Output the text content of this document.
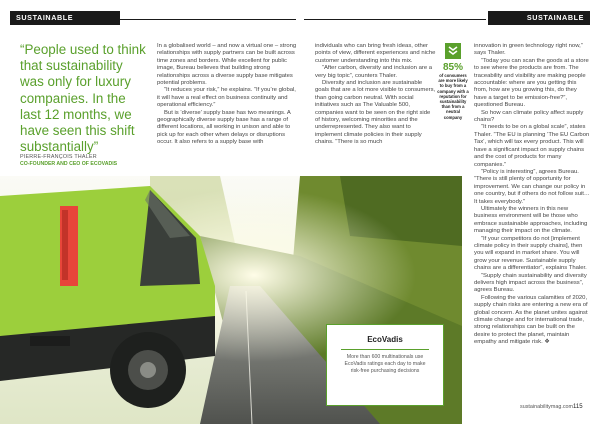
SUSTAINABLE SOURCING
SUSTAINABLE SOURCING
“People used to think that sustainability was only for luxury companies. In the last 12 months, we have seen this shift substantially”
PIERRE-FRANÇOIS THALER
CO-FOUNDER AND CEO OF ECOVADIS

In a globalised world – and now a virtual one – strong relationships with supply partners can be built across time zones and borders. While excellent for public image, Bureau believes that building strong relationships across a diverse supply base mitigates potential problems.

“It reduces your risk,” he explains. “If you’re global, it will have a real effect on business continuity and operational efficiency.”

But is ‘diverse’ supply base has two meanings. A geographically diverse supply base has a range of different locations, all working in unison and able to pick up for each other when delays or disruptions occur. It also refers to a supply base with

individuals who can bring fresh ideas, other points of view, different experiences and niche customer understanding into this mix.

“After carbon, diversity and inclusion are a very big topic”, counters Thaler.

Diversity and inclusion are sustainable goals that are a lot more visible to consumers, than going carbon neutral. With social initiatives such as The Valuable 500, companies want to be seen on the right side of history, welcoming minorities and the underrepresented. They also want to implement climate policies in their supply chains. “There is so much

85%
of consumers are more likely to buy from a company with a reputation for sustainability than from a neutral company

innovation in green technology right now,” says Thaler.

“Today you can scan the goods at a store to see where the products are from. The traceability and visibility are making people accountable: where are you getting this from, how are you growing this, do they have a target to be emission-free?”, questioned Bureau.

So how can climate policy affect supply chains?

“It needs to be on a global scale”, states Thaler. “The EU is planning ‘The EU Carbon Tax’, which will tax every product. This will have a significant impact on supply chains and the cost of products for many companies.”

“Policy is interesting”, agrees Bureau. “There is still plenty of opportunity for improvement. We can change our policy in one country, but if others do not follow suit… It takes everybody.”

Ultimately the winners in this new business environment will be those who embrace sustainable approaches, including managing their impact on the climate.

“If your competitors do not [implement climate policy in their supply chains], then you will expand in market share. You will grow your revenue. Sustainable supply chains are a differentiator”, explains Thaler.

“Supply chain sustainability and diversity delivers high impact across the business”, agrees Bureau.

Following the various calamities of 2020, supply chain risks are entering a new era of global concern. As the planet unites against climate change and for international trade, strong relationships can be built on the desire to protect the planet, maintain empathy and mitigate risk. ❖

EcoVadis
More than 600 multinationals use EcoVadis ratings each day to make risk-free purchasing decisions
sustainabilitymag.com 115
